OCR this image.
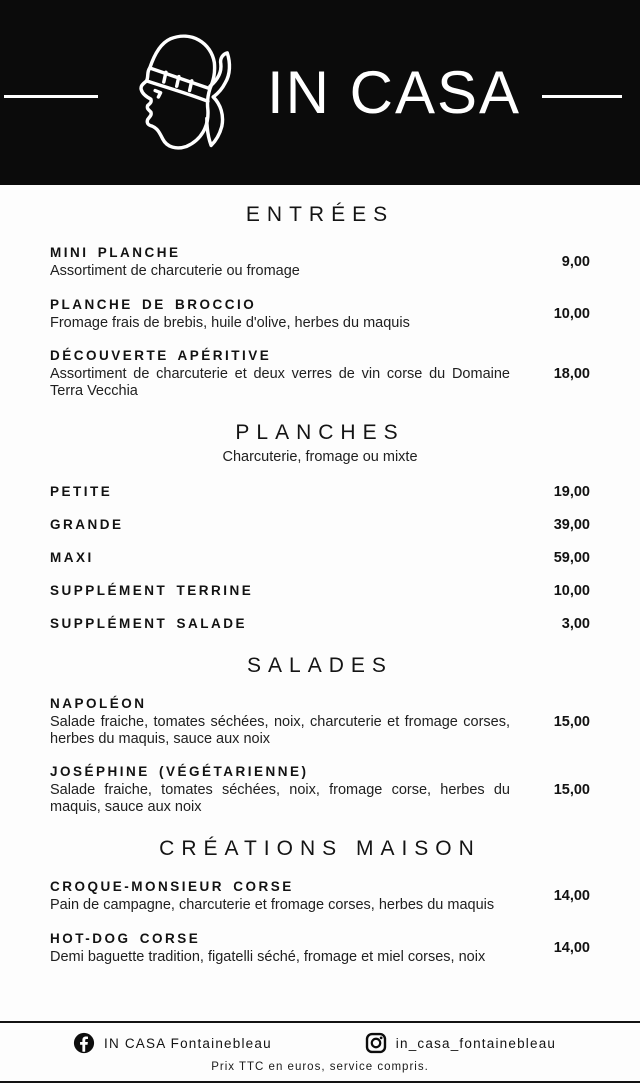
IN CASA
ENTRÉES
MINI PLANCHE
Assortiment de charcuterie ou fromage
9,00
PLANCHE DE BROCCIO
Fromage frais de brebis, huile d'olive, herbes du maquis
10,00
DÉCOUVERTE APÉRITIVE
Assortiment de charcuterie et deux verres de vin corse du Domaine Terra Vecchia
18,00
PLANCHES
Charcuterie, fromage ou mixte
PETITE	19,00
GRANDE	39,00
MAXI	59,00
SUPPLÉMENT TERRINE	10,00
SUPPLÉMENT SALADE	3,00
SALADES
NAPOLÉON
Salade fraiche, tomates séchées, noix, charcuterie et fromage corses, herbes du maquis, sauce aux noix
15,00
JOSÉPHINE (VÉGÉTARIENNE)
Salade fraiche, tomates séchées, noix, fromage corse, herbes du maquis, sauce aux noix
15,00
CRÉATIONS MAISON
CROQUE-MONSIEUR CORSE
Pain de campagne, charcuterie et fromage corses, herbes du maquis
14,00
HOT-DOG CORSE
Demi baguette tradition, figatelli séché, fromage et miel corses, noix
14,00
IN CASA Fontainebleau	in_casa_fontainebleau
Prix TTC en euros, service compris.
